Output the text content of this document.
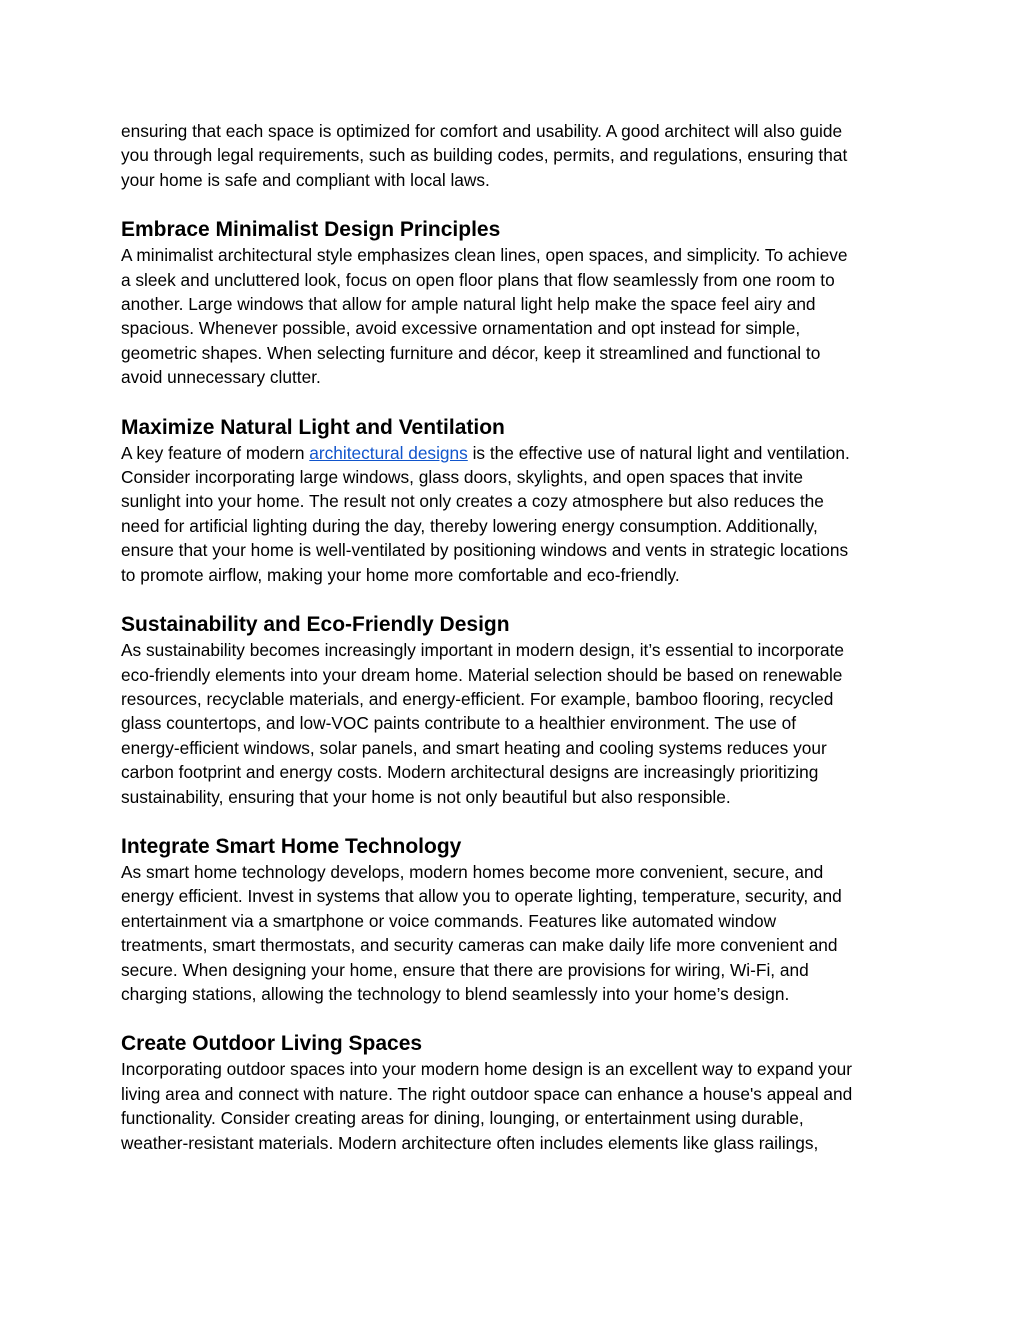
ensuring that each space is optimized for comfort and usability. A good architect will also guide
you through legal requirements, such as building codes, permits, and regulations, ensuring that
your home is safe and compliant with local laws.

Embrace Minimalist Design Principles

A minimalist architectural style emphasizes clean lines, open spaces, and simplicity. To achieve
a sleek and uncluttered look, focus on open floor plans that flow seamlessly from one room to
another. Large windows that allow for ample natural light help make the space feel airy and
spacious. Whenever possible, avoid excessive ornamentation and opt instead for simple,
geometric shapes. When selecting furniture and décor, keep it streamlined and functional to
avoid unnecessary clutter.

Maximize Natural Light and Ventilation

A key feature of modern architectural designs is the effective use of natural light and ventilation.
Consider incorporating large windows, glass doors, skylights, and open spaces that invite
sunlight into your home. The result not only creates a cozy atmosphere but also reduces the
need for artificial lighting during the day, thereby lowering energy consumption. Additionally,
ensure that your home is well-ventilated by positioning windows and vents in strategic locations
to promote airflow, making your home more comfortable and eco-friendly.

Sustainability and Eco-Friendly Design

As sustainability becomes increasingly important in modern design, it’s essential to incorporate
eco-friendly elements into your dream home. Material selection should be based on renewable
resources, recyclable materials, and energy-efficient. For example, bamboo flooring, recycled
glass countertops, and low-VOC paints contribute to a healthier environment. The use of
energy-efficient windows, solar panels, and smart heating and cooling systems reduces your
carbon footprint and energy costs. Modern architectural designs are increasingly prioritizing
sustainability, ensuring that your home is not only beautiful but also responsible.

Integrate Smart Home Technology

As smart home technology develops, modern homes become more convenient, secure, and
energy efficient. Invest in systems that allow you to operate lighting, temperature, security, and
entertainment via a smartphone or voice commands. Features like automated window
treatments, smart thermostats, and security cameras can make daily life more convenient and
secure. When designing your home, ensure that there are provisions for wiring, Wi-Fi, and
charging stations, allowing the technology to blend seamlessly into your home’s design.

Create Outdoor Living Spaces

Incorporating outdoor spaces into your modern home design is an excellent way to expand your
living area and connect with nature. The right outdoor space can enhance a house's appeal and
functionality. Consider creating areas for dining, lounging, or entertainment using durable,
weather-resistant materials. Modern architecture often includes elements like glass railings,
